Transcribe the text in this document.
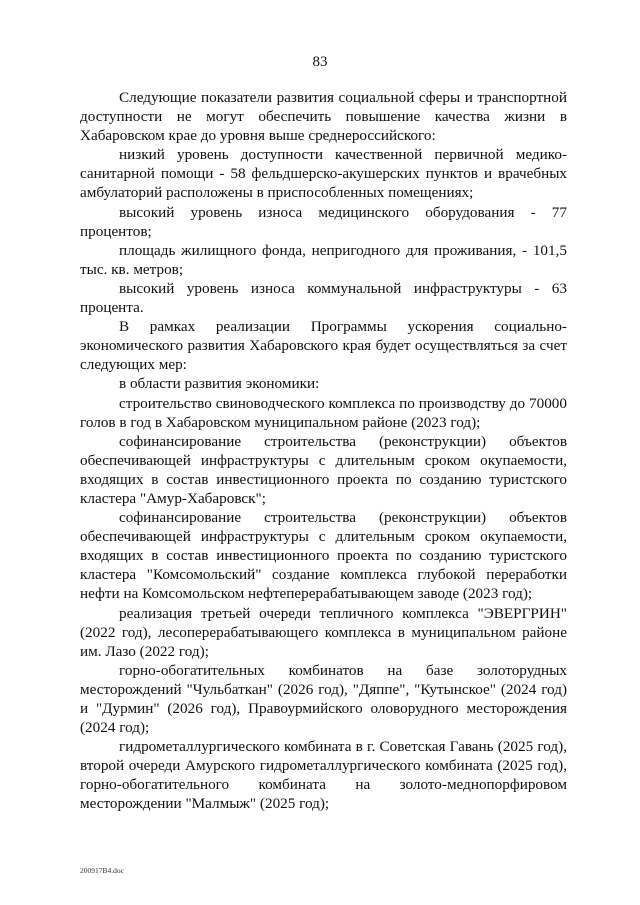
83

Следующие показатели развития социальной сферы и транспортной доступности не могут обеспечить повышение качества жизни в Хабаровском крае до уровня выше среднероссийского:

низкий уровень доступности качественной первичной медико-санитарной помощи - 58 фельдшерско-акушерских пунктов и врачебных амбулаторий расположены в приспособленных помещениях;

высокий уровень износа медицинского оборудования - 77 процентов;

площадь жилищного фонда, непригодного для проживания, - 101,5 тыс. кв. метров;

высокий уровень износа коммунальной инфраструктуры - 63 процента.

В рамках реализации Программы ускорения социально-экономического развития Хабаровского края будет осуществляться за счет следующих мер:

в области развития экономики:

строительство свиноводческого комплекса по производству до 70000 голов в год в Хабаровском муниципальном районе (2023 год);

софинансирование строительства (реконструкции) объектов обеспечивающей инфраструктуры с длительным сроком окупаемости, входящих в состав инвестиционного проекта по созданию туристского кластера "Амур-Хабаровск";

софинансирование строительства (реконструкции) объектов обеспечивающей инфраструктуры с длительным сроком окупаемости, входящих в состав инвестиционного проекта по созданию туристского кластера "Комсомольский" создание комплекса глубокой переработки нефти на Комсомольском нефтеперерабатывающем заводе (2023 год);

реализация третьей очереди тепличного комплекса "ЭВЕРГРИН" (2022 год), лесоперерабатывающего комплекса в муниципальном районе им. Лазо (2022 год);

горно-обогатительных комбинатов на базе золоторудных месторождений "Чульбаткан" (2026 год), "Дяппе", "Кутынское" (2024 год) и "Дурмин" (2026 год), Правоурмийского оловорудного месторождения (2024 год);

гидрометаллургического комбината в г. Советская Гавань (2025 год), второй очереди Амурского гидрометаллургического комбината (2025 год), горно-обогатительного комбината на золото-меднопорфировом месторождении "Малмыж" (2025 год);

200917В4.doc
